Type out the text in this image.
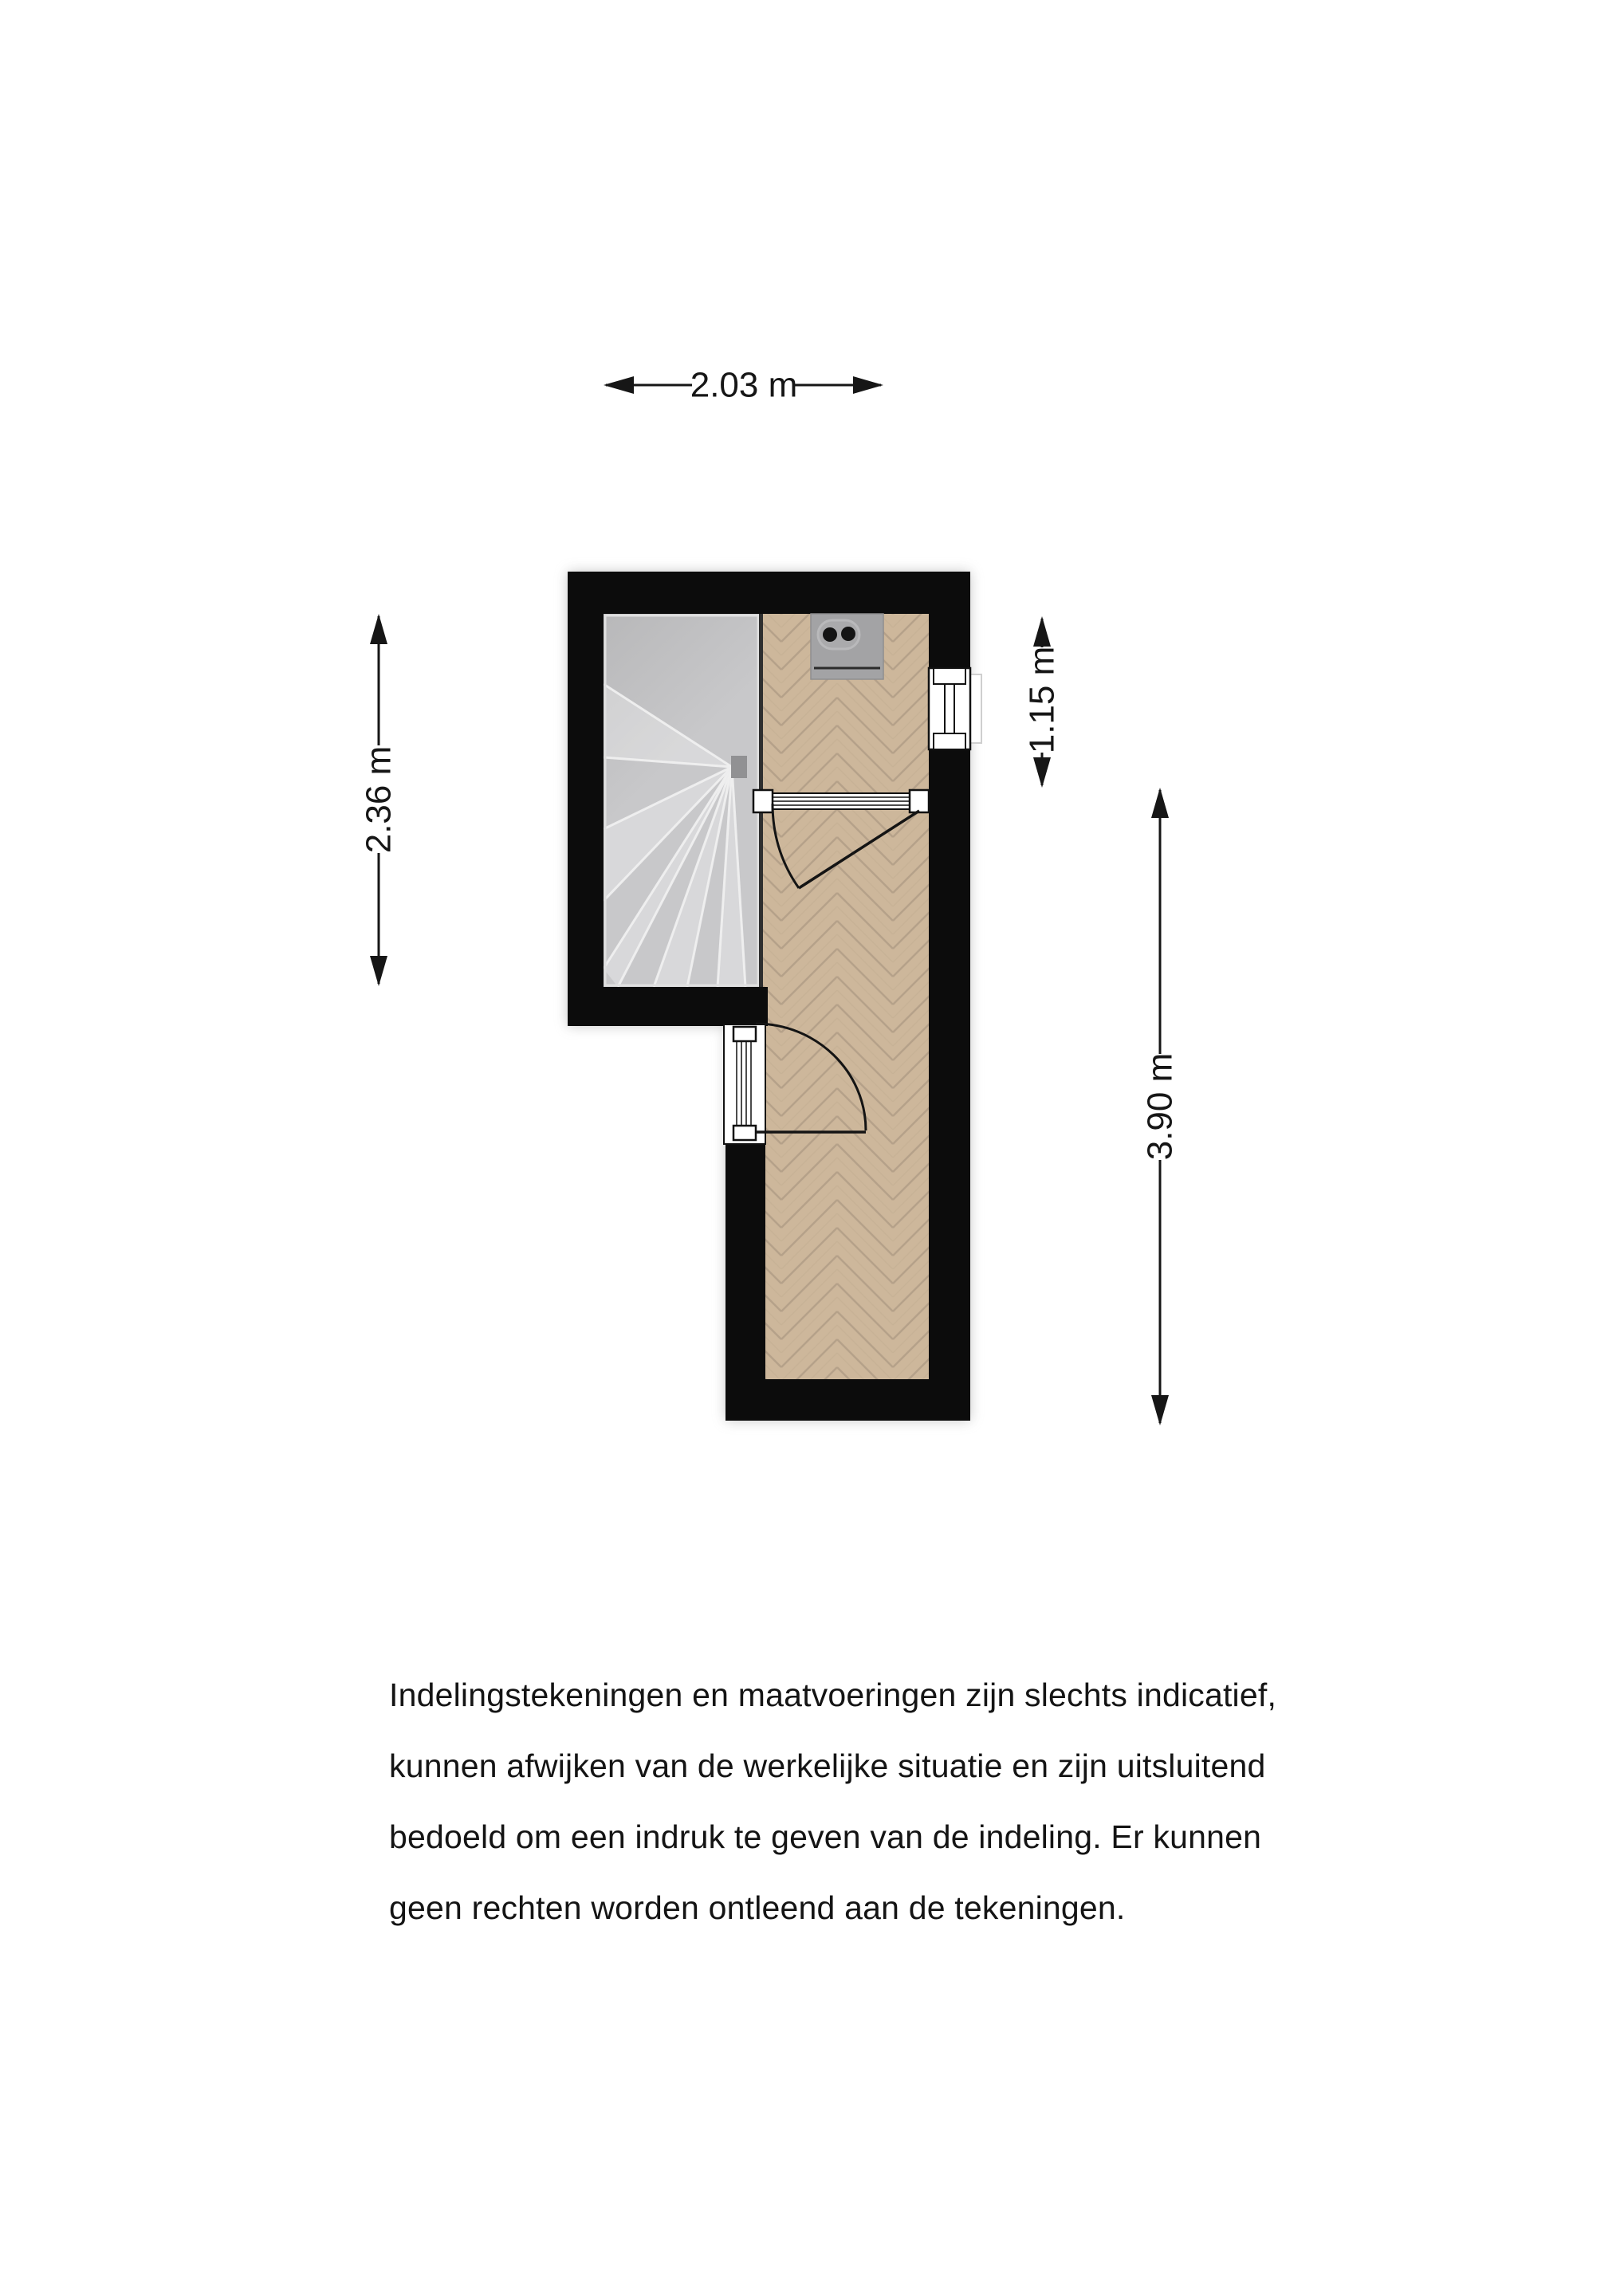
2.03 m
2.36 m
1.15 m
3.90 m
Indelingstekeningen en maatvoeringen zijn slechts indicatief,
kunnen afwijken van de werkelijke situatie en zijn uitsluitend
bedoeld om een indruk te geven van de indeling. Er kunnen
geen rechten worden ontleend aan de tekeningen.
